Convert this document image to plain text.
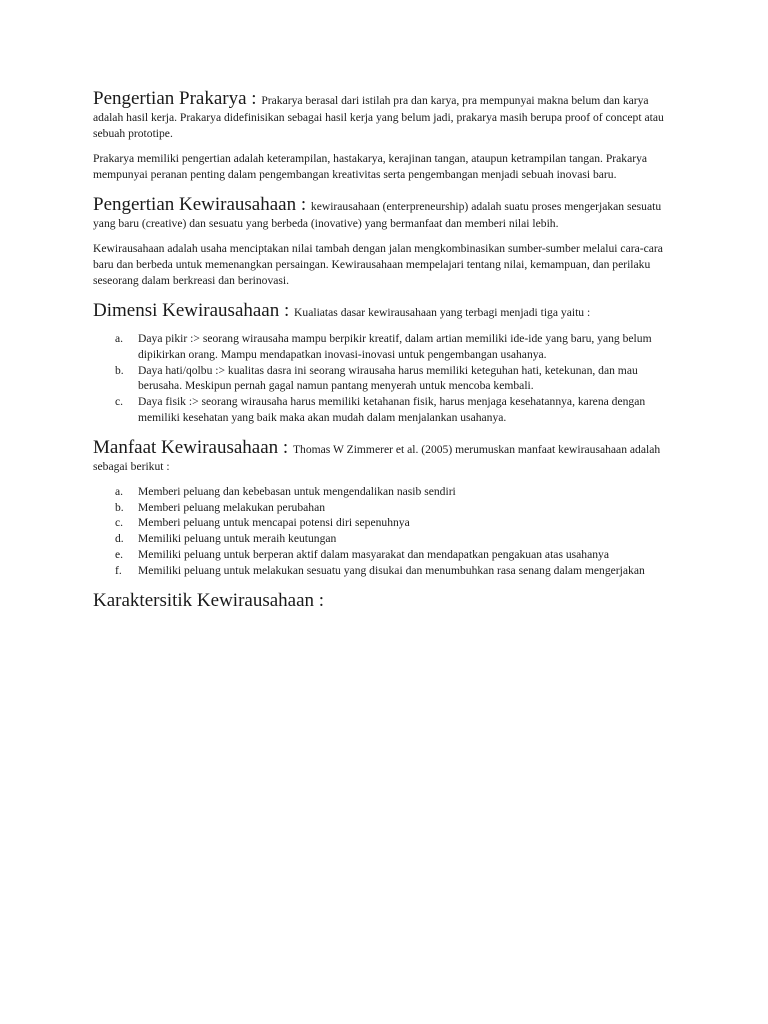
Pengertian Prakarya : Prakarya berasal dari istilah pra dan karya, pra mempunyai makna belum dan karya adalah hasil kerja. Prakarya didefinisikan sebagai hasil kerja yang belum jadi, prakarya masih berupa proof of concept atau sebuah prototipe.

Prakarya memiliki pengertian adalah keterampilan, hastakarya, kerajinan tangan, ataupun ketrampilan tangan. Prakarya mempunyai peranan penting dalam pengembangan kreativitas serta pengembangan menjadi sebuah inovasi baru.

Pengertian Kewirausahaan : kewirausahaan (enterpreneurship) adalah suatu proses mengerjakan sesuatu yang baru (creative) dan sesuatu yang berbeda (inovative) yang bermanfaat dan memberi nilai lebih.

Kewirausahaan adalah usaha menciptakan nilai tambah dengan jalan mengkombinasikan sumber-sumber melalui cara-cara baru dan berbeda untuk memenangkan persaingan. Kewirausahaan mempelajari tentang nilai, kemampuan, dan perilaku seseorang dalam berkreasi dan berinovasi.

Dimensi Kewirausahaan : Kualiatas dasar kewirausahaan yang terbagi menjadi tiga yaitu :

a. Daya pikir :> seorang wirausaha mampu berpikir kreatif, dalam artian memiliki ide-ide yang baru, yang belum dipikirkan orang. Mampu mendapatkan inovasi-inovasi untuk pengembangan usahanya.
b. Daya hati/qolbu :> kualitas dasra ini seorang wirausaha harus memiliki keteguhan hati, ketekunan, dan mau berusaha. Meskipun pernah gagal namun pantang menyerah untuk mencoba kembali.
c. Daya fisik :> seorang wirausaha harus memiliki ketahanan fisik, harus menjaga kesehatannya, karena dengan memiliki kesehatan yang baik maka akan mudah dalam menjalankan usahanya.

Manfaat Kewirausahaan : Thomas W Zimmerer et al. (2005) merumuskan manfaat kewirausahaan adalah sebagai berikut :

a. Memberi peluang dan kebebasan untuk mengendalikan nasib sendiri
b. Memberi peluang melakukan perubahan
c. Memberi peluang untuk mencapai potensi diri sepenuhnya
d. Memiliki peluang untuk meraih keutungan
e. Memiliki peluang untuk berperan aktif dalam masyarakat dan mendapatkan pengakuan atas usahanya
f. Memiliki peluang untuk melakukan sesuatu yang disukai dan menumbuhkan rasa senang dalam mengerjakan
Karaktersitik Kewirausahaan :
